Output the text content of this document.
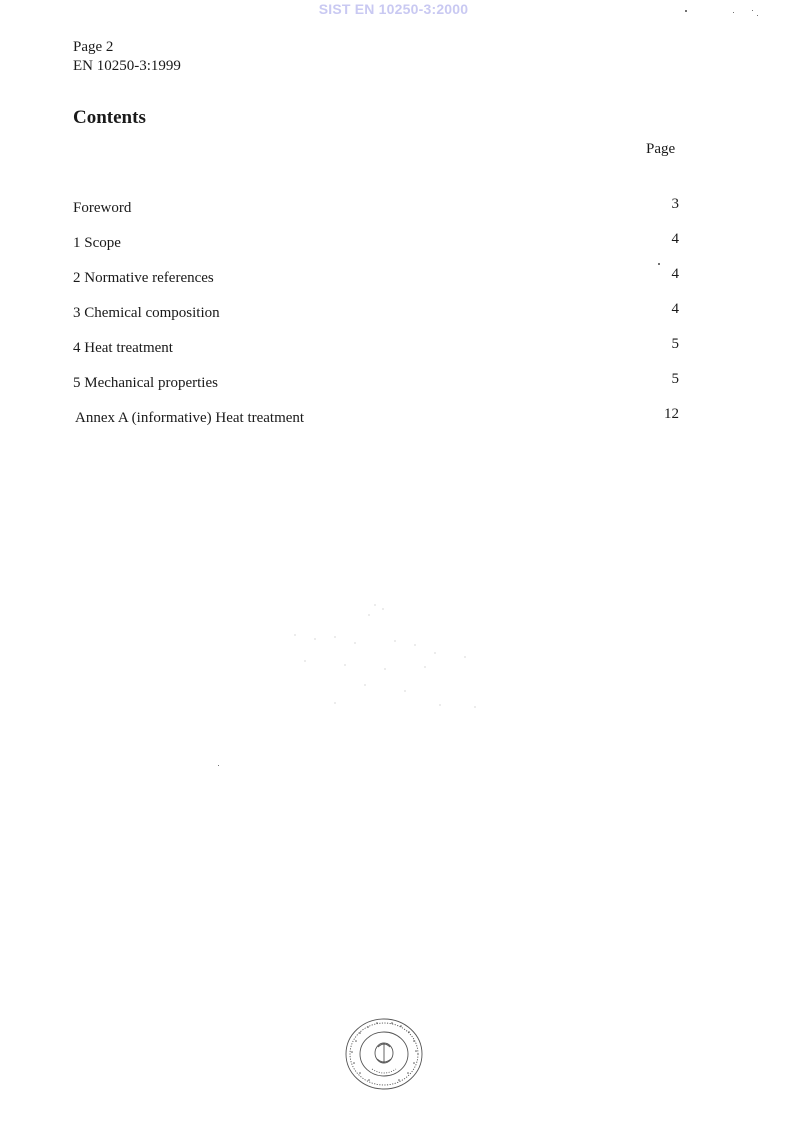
SIST EN 10250-3:2000
Page 2
EN 10250-3:1999
Contents
Page
Foreword	3
1 Scope	4
2 Normative references	4
3 Chemical composition	4
4 Heat treatment	5
5 Mechanical properties	5
Annex A (informative) Heat treatment	12
